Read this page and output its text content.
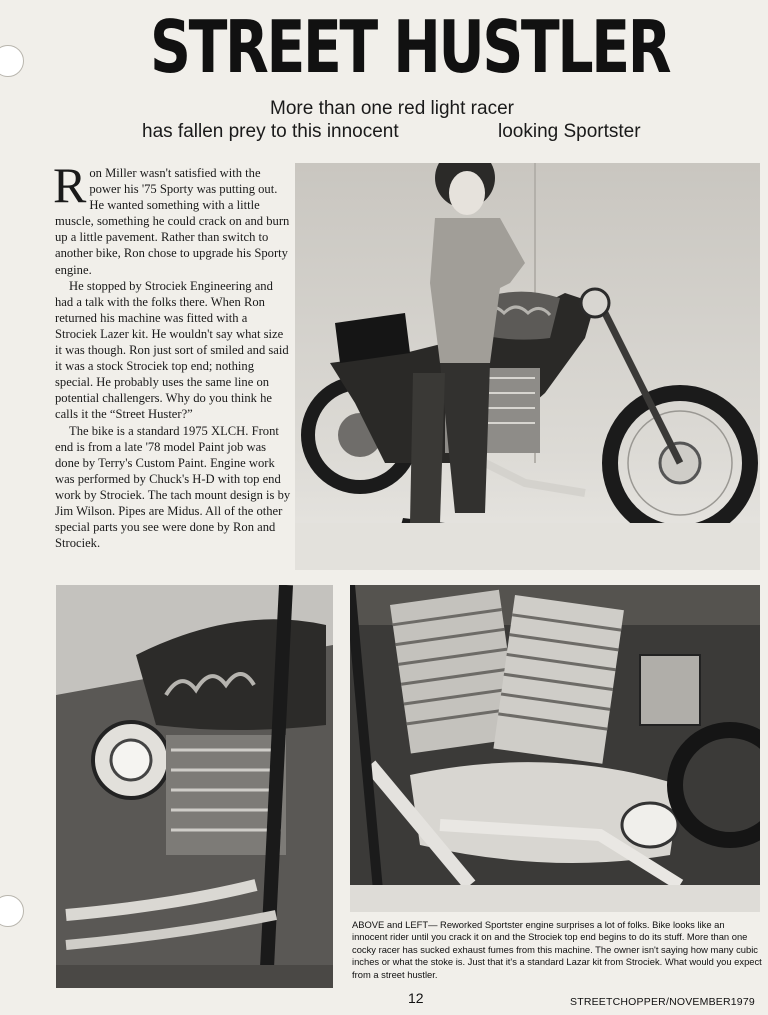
STREET HUSTLER

More than one red light racer

has fallen prey to this innocent	looking Sportster

Ron Miller wasn't satisfied with the power his '75 Sporty was putting out. He wanted something with a little muscle, something he could crack on and burn up a little pavement. Rather than switch to another bike, Ron chose to upgrade his Sporty engine.

He stopped by Strociek Engineering and had a talk with the folks there. When Ron returned his machine was fitted with a Strociek Lazer kit. He wouldn't say what size it was though. Ron just sort of smiled and said it was a stock Strociek top end; nothing special. He probably uses the same line on potential challengers. Why do you think he calls it the “Street Huster?”

The bike is a standard 1975 XLCH. Front end is from a late '78 model Paint job was done by Terry's Custom Paint. Engine work was performed by Chuck's H-D with top end work by Strociek. The tach mount design is by Jim Wilson. Pipes are Midus. All of the other special parts you see were done by Ron and Strociek.

ABOVE and LEFT— Reworked Sportster engine surprises a lot of folks. Bike looks like an innocent rider until you crack it on and the Strociek top end begins to do its stuff. More than one cocky racer has sucked exhaust fumes from this machine. The owner isn't saying how many cubic inches or what the stoke is. Just that it's a standard Lazar kit from Strociek. What would you expect from a street hustler.
12	STREETCHOPPER/NOVEMBER1979
